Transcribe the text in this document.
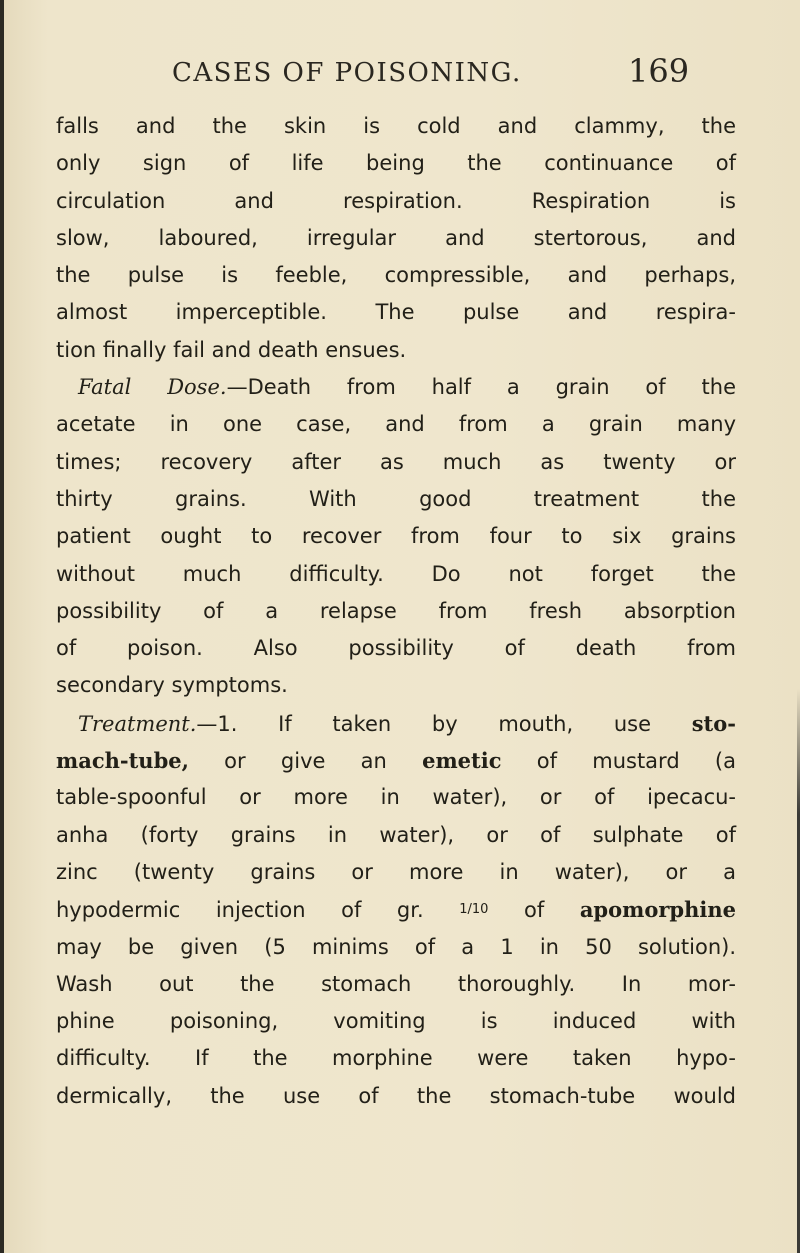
CASES OF POISONING.	169
falls and the skin is cold and clammy, the
only sign of life being the continuance of
circulation and respiration. Respiration is
slow, laboured, irregular and stertorous, and
the pulse is feeble, compressible, and perhaps,
almost imperceptible. The pulse and respira-
tion finally fail and death ensues.
Fatal Dose.—Death from half a grain of the
acetate in one case, and from a grain many
times; recovery after as much as twenty or
thirty grains. With good treatment the
patient ought to recover from four to six grains
without much difficulty. Do not forget the
possibility of a relapse from fresh absorption
of poison. Also possibility of death from
secondary symptoms.
Treatment.—1. If taken by mouth, use sto-
mach-tube, or give an emetic of mustard (a
table-spoonful or more in water), or of ipecacu-
anha (forty grains in water), or of sulphate of
zinc (twenty grains or more in water), or a
hypodermic injection of gr.	1/10 of apomorphine
may be given (5 minims of a 1 in 50 solution).
Wash out the stomach thoroughly. In mor-
phine poisoning, vomiting is induced with
difficulty. If the morphine were taken hypo-
dermically, the use of the stomach-tube would
